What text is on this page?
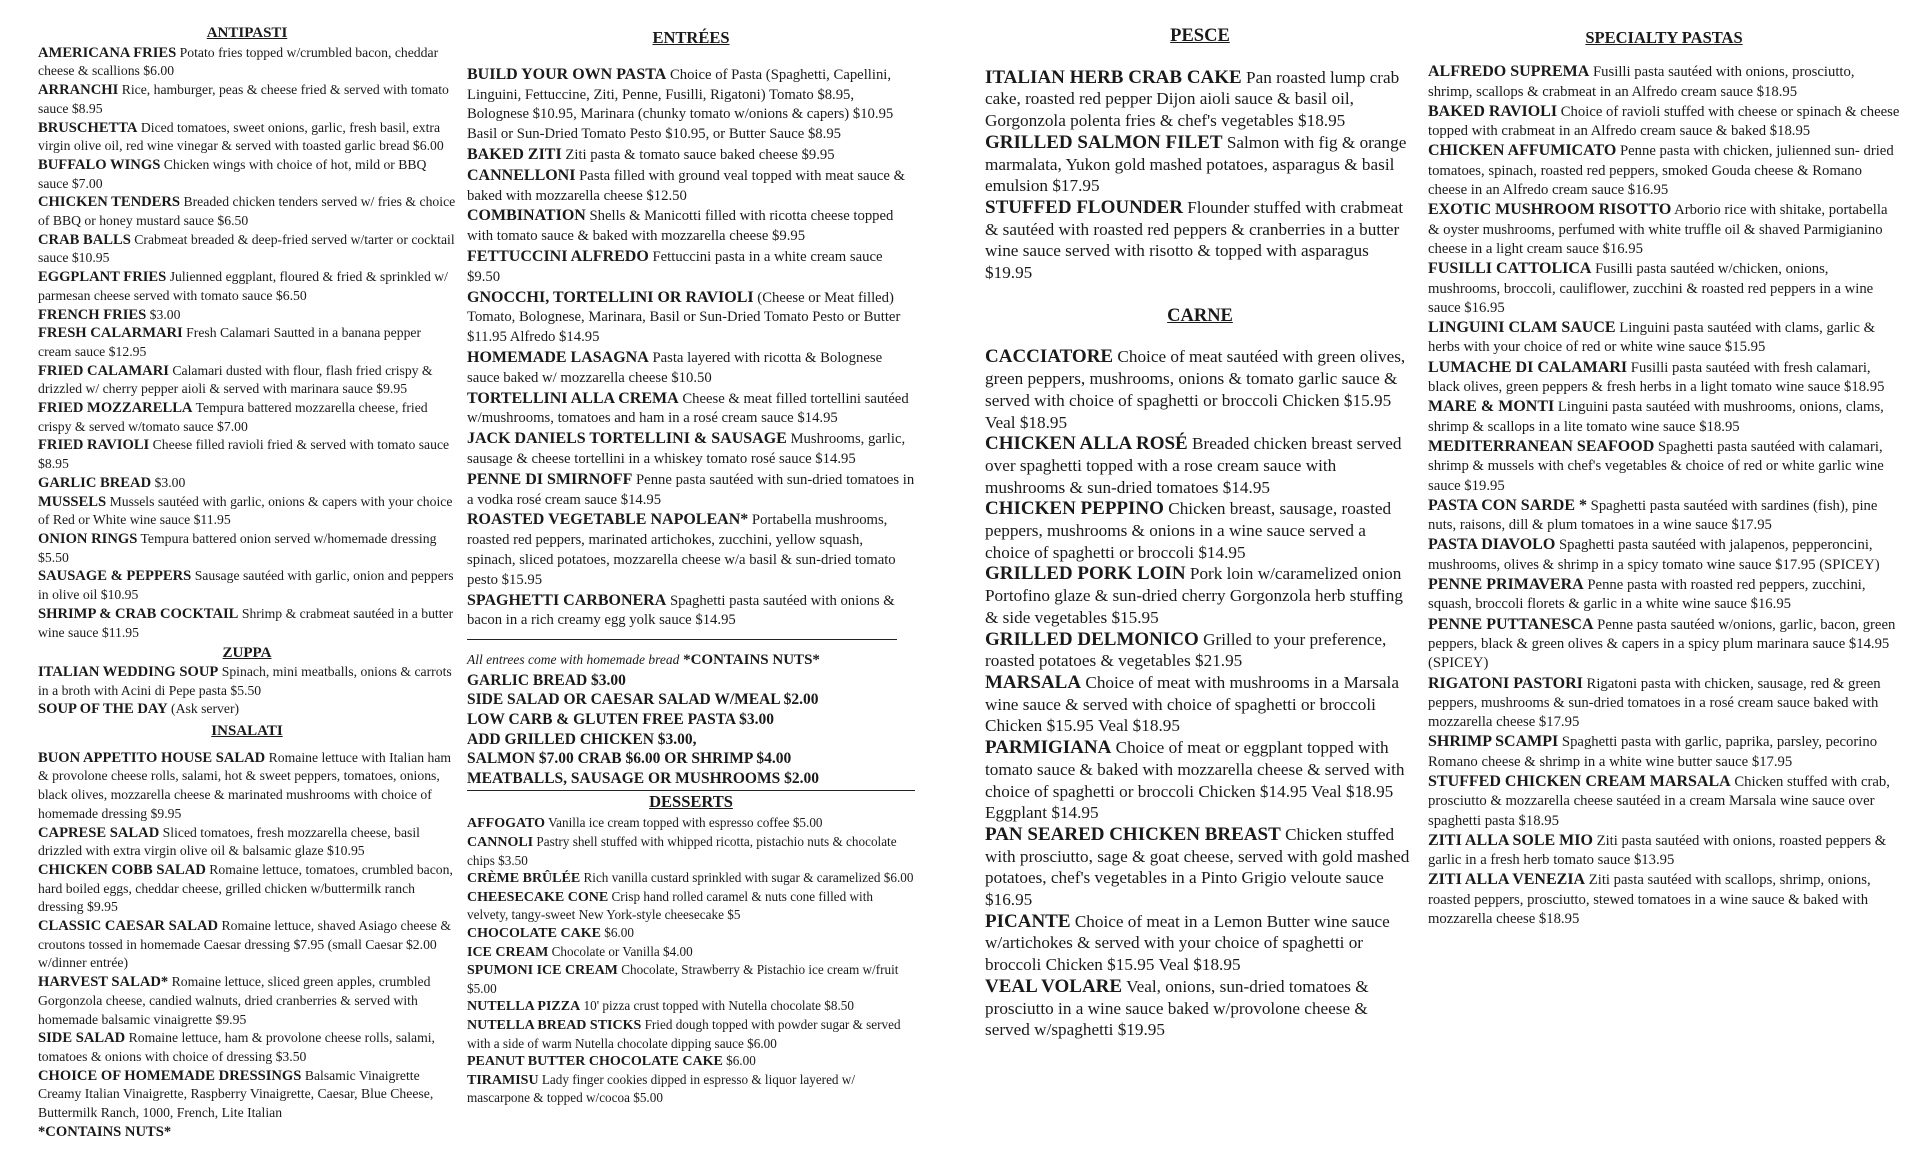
ANTIPASTI

AMERICANA FRIES Potato fries topped w/crumbled bacon, cheddar cheese & scallions $6.00

ARRANCHI Rice, hamburger, peas & cheese fried & served with tomato sauce $8.95

BRUSCHETTA Diced tomatoes, sweet onions, garlic, fresh basil, extra virgin olive oil, red wine vinegar & served with toasted garlic bread $6.00

BUFFALO WINGS Chicken wings with choice of hot, mild or BBQ sauce $7.00

CHICKEN TENDERS Breaded chicken tenders served w/ fries & choice of BBQ or honey mustard sauce $6.50

CRAB BALLS Crabmeat breaded & deep-fried served w/tarter or cocktail sauce $10.95

EGGPLANT FRIES Julienned eggplant, floured & fried & sprinkled w/ parmesan cheese served with tomato sauce $6.50

FRENCH FRIES $3.00

FRESH CALARMARI Fresh Calamari Sautted in a banana pepper cream sauce $12.95

FRIED CALAMARI Calamari dusted with flour, flash fried crispy & drizzled w/ cherry pepper aioli & served with marinara sauce $9.95

FRIED MOZZARELLA Tempura battered mozzarella cheese, fried crispy & served w/tomato sauce $7.00

FRIED RAVIOLI Cheese filled ravioli fried & served with tomato sauce $8.95

GARLIC BREAD $3.00

MUSSELS Mussels sautéed with garlic, onions & capers with your choice of Red or White wine sauce $11.95

ONION RINGS Tempura battered onion served w/homemade dressing $5.50

SAUSAGE & PEPPERS Sausage sautéed with garlic, onion and peppers in olive oil $10.95

SHRIMP & CRAB COCKTAIL Shrimp & crabmeat sautéed in a butter wine sauce $11.95

ZUPPA

ITALIAN WEDDING SOUP Spinach, mini meatballs, onions & carrots in a broth with Acini di Pepe pasta $5.50

SOUP OF THE DAY (Ask server)

INSALATI

BUON APPETITO HOUSE SALAD Romaine lettuce with Italian ham & provolone cheese rolls, salami, hot & sweet peppers, tomatoes, onions, black olives, mozzarella cheese & marinated mushrooms with choice of homemade dressing $9.95

CAPRESE SALAD Sliced tomatoes, fresh mozzarella cheese, basil drizzled with extra virgin olive oil & balsamic glaze $10.95

CHICKEN COBB SALAD Romaine lettuce, tomatoes, crumbled bacon, hard boiled eggs, cheddar cheese, grilled chicken w/buttermilk ranch dressing $9.95

CLASSIC CAESAR SALAD Romaine lettuce, shaved Asiago cheese & croutons tossed in homemade Caesar dressing $7.95 (small Caesar $2.00 w/dinner entrée)

HARVEST SALAD* Romaine lettuce, sliced green apples, crumbled Gorgonzola cheese, candied walnuts, dried cranberries & served with homemade balsamic vinaigrette $9.95

SIDE SALAD Romaine lettuce, ham & provolone cheese rolls, salami, tomatoes & onions with choice of dressing $3.50

CHOICE OF HOMEMADE DRESSINGS Balsamic Vinaigrette Creamy Italian Vinaigrette, Raspberry Vinaigrette, Caesar, Blue Cheese, Buttermilk Ranch, 1000, French, Lite Italian

*CONTAINS NUTS*

ENTRÉES

BUILD YOUR OWN PASTA Choice of Pasta (Spaghetti, Capellini, Linguini, Fettuccine, Ziti, Penne, Fusilli, Rigatoni) Tomato $8.95, Bolognese $10.95, Marinara (chunky tomato w/onions & capers) $10.95 Basil or Sun-Dried Tomato Pesto $10.95, or Butter Sauce $8.95

BAKED ZITI Ziti pasta & tomato sauce baked cheese $9.95

CANNELLONI Pasta filled with ground veal topped with meat sauce & baked with mozzarella cheese $12.50

COMBINATION Shells & Manicotti filled with ricotta cheese topped with tomato sauce & baked with mozzarella cheese $9.95

FETTUCCINI ALFREDO Fettuccini pasta in a white cream sauce $9.50

GNOCCHI, TORTELLINI OR RAVIOLI (Cheese or Meat filled) Tomato, Bolognese, Marinara, Basil or Sun-Dried Tomato Pesto or Butter $11.95 Alfredo $14.95

HOMEMADE LASAGNA Pasta layered with ricotta & Bolognese sauce baked w/ mozzarella cheese $10.50

TORTELLINI ALLA CREMA Cheese & meat filled tortellini sautéed w/mushrooms, tomatoes and ham in a rosé cream sauce $14.95

JACK DANIELS TORTELLINI & SAUSAGE Mushrooms, garlic, sausage & cheese tortellini in a whiskey tomato rosé sauce $14.95

PENNE DI SMIRNOFF Penne pasta sautéed with sun-dried tomatoes in a vodka rosé cream sauce $14.95

ROASTED VEGETABLE NAPOLEAN* Portabella mushrooms, roasted red peppers, marinated artichokes, zucchini, yellow squash, spinach, sliced potatoes, mozzarella cheese w/a basil & sun-dried tomato pesto $15.95

SPAGHETTI CARBONERA Spaghetti pasta sautéed with onions & bacon in a rich creamy egg yolk sauce $14.95

All entrees come with homemade bread *CONTAINS NUTS*

GARLIC BREAD $3.00

SIDE SALAD OR CAESAR SALAD W/MEAL $2.00

LOW CARB & GLUTEN FREE PASTA $3.00

ADD GRILLED CHICKEN $3.00,

SALMON $7.00 CRAB $6.00 OR SHRIMP $4.00

MEATBALLS, SAUSAGE OR MUSHROOMS $2.00

DESSERTS

AFFOGATO Vanilla ice cream topped with espresso coffee $5.00

CANNOLI Pastry shell stuffed with whipped ricotta, pistachio nuts & chocolate chips $3.50

CRÈME BRÛLÉE Rich vanilla custard sprinkled with sugar & caramelized $6.00

CHEESECAKE CONE Crisp hand rolled caramel & nuts cone filled with velvety, tangy-sweet New York-style cheesecake $5

CHOCOLATE CAKE $6.00

ICE CREAM Chocolate or Vanilla $4.00

SPUMONI ICE CREAM Chocolate, Strawberry & Pistachio ice cream w/fruit $5.00

NUTELLA PIZZA 10' pizza crust topped with Nutella chocolate $8.50

NUTELLA BREAD STICKS Fried dough topped with powder sugar & served with a side of warm Nutella chocolate dipping sauce $6.00

PEANUT BUTTER CHOCOLATE CAKE $6.00

TIRAMISU Lady finger cookies dipped in espresso & liquor layered w/ mascarpone & topped w/cocoa $5.00

PESCE

ITALIAN HERB CRAB CAKE Pan roasted lump crab cake, roasted red pepper Dijon aioli sauce & basil oil, Gorgonzola polenta fries & chef's vegetables $18.95

GRILLED SALMON FILET Salmon with fig & orange marmalata, Yukon gold mashed potatoes, asparagus & basil emulsion $17.95

STUFFED FLOUNDER Flounder stuffed with crabmeat & sautéed with roasted red peppers & cranberries in a butter wine sauce served with risotto & topped with asparagus $19.95

CARNE

CACCIATORE Choice of meat sautéed with green olives, green peppers, mushrooms, onions & tomato garlic sauce & served with choice of spaghetti or broccoli Chicken $15.95 Veal $18.95

CHICKEN ALLA ROSÉ Breaded chicken breast served over spaghetti topped with a rose cream sauce with mushrooms & sun-dried tomatoes $14.95

CHICKEN PEPPINO Chicken breast, sausage, roasted peppers, mushrooms & onions in a wine sauce served a choice of spaghetti or broccoli $14.95

GRILLED PORK LOIN Pork loin w/caramelized onion Portofino glaze & sun-dried cherry Gorgonzola herb stuffing & side vegetables $15.95

GRILLED DELMONICO Grilled to your preference, roasted potatoes & vegetables $21.95

MARSALA Choice of meat with mushrooms in a Marsala wine sauce & served with choice of spaghetti or broccoli Chicken $15.95 Veal $18.95

PARMIGIANA Choice of meat or eggplant topped with tomato sauce & baked with mozzarella cheese & served with choice of spaghetti or broccoli Chicken $14.95 Veal $18.95 Eggplant $14.95

PAN SEARED CHICKEN BREAST Chicken stuffed with prosciutto, sage & goat cheese, served with gold mashed potatoes, chef's vegetables in a Pinto Grigio veloute sauce $16.95

PICANTE Choice of meat in a Lemon Butter wine sauce w/artichokes & served with your choice of spaghetti or broccoli Chicken $15.95 Veal $18.95

VEAL VOLARE Veal, onions, sun-dried tomatoes & prosciutto in a wine sauce baked w/provolone cheese & served w/spaghetti $19.95

SPECIALTY PASTAS

ALFREDO SUPREMA Fusilli pasta sautéed with onions, prosciutto, shrimp, scallops & crabmeat in an Alfredo cream sauce $18.95

BAKED RAVIOLI Choice of ravioli stuffed with cheese or spinach & cheese topped with crabmeat in an Alfredo cream sauce & baked $18.95

CHICKEN AFFUMICATO Penne pasta with chicken, julienned sun- dried tomatoes, spinach, roasted red peppers, smoked Gouda cheese & Romano cheese in an Alfredo cream sauce $16.95

EXOTIC MUSHROOM RISOTTO Arborio rice with shitake, portabella & oyster mushrooms, perfumed with white truffle oil & shaved Parmigianino cheese in a light cream sauce $16.95

FUSILLI CATTOLICA Fusilli pasta sautéed w/chicken, onions, mushrooms, broccoli, cauliflower, zucchini & roasted red peppers in a wine sauce $16.95

LINGUINI CLAM SAUCE Linguini pasta sautéed with clams, garlic & herbs with your choice of red or white wine sauce $15.95

LUMACHE DI CALAMARI Fusilli pasta sautéed with fresh calamari, black olives, green peppers & fresh herbs in a light tomato wine sauce $18.95

MARE & MONTI Linguini pasta sautéed with mushrooms, onions, clams, shrimp & scallops in a lite tomato wine sauce $18.95

MEDITERRANEAN SEAFOOD Spaghetti pasta sautéed with calamari, shrimp & mussels with chef's vegetables & choice of red or white garlic wine sauce $19.95

PASTA CON SARDE * Spaghetti pasta sautéed with sardines (fish), pine nuts, raisons, dill & plum tomatoes in a wine sauce $17.95

PASTA DIAVOLO Spaghetti pasta sautéed with jalapenos, pepperoncini, mushrooms, olives & shrimp in a spicy tomato wine sauce $17.95 (SPICEY)

PENNE PRIMAVERA Penne pasta with roasted red peppers, zucchini, squash, broccoli florets & garlic in a white wine sauce $16.95

PENNE PUTTANESCA Penne pasta sautéed w/onions, garlic, bacon, green peppers, black & green olives & capers in a spicy plum marinara sauce $14.95 (SPICEY)

RIGATONI PASTORI Rigatoni pasta with chicken, sausage, red & green peppers, mushrooms & sun-dried tomatoes in a rosé cream sauce baked with mozzarella cheese $17.95

SHRIMP SCAMPI Spaghetti pasta with garlic, paprika, parsley, pecorino Romano cheese & shrimp in a white wine butter sauce $17.95

STUFFED CHICKEN CREAM MARSALA Chicken stuffed with crab, prosciutto & mozzarella cheese sautéed in a cream Marsala wine sauce over spaghetti pasta $18.95

ZITI ALLA SOLE MIO Ziti pasta sautéed with onions, roasted peppers & garlic in a fresh herb tomato sauce $13.95

ZITI ALLA VENEZIA Ziti pasta sautéed with scallops, shrimp, onions, roasted peppers, prosciutto, stewed tomatoes in a wine sauce & baked with mozzarella cheese $18.95
